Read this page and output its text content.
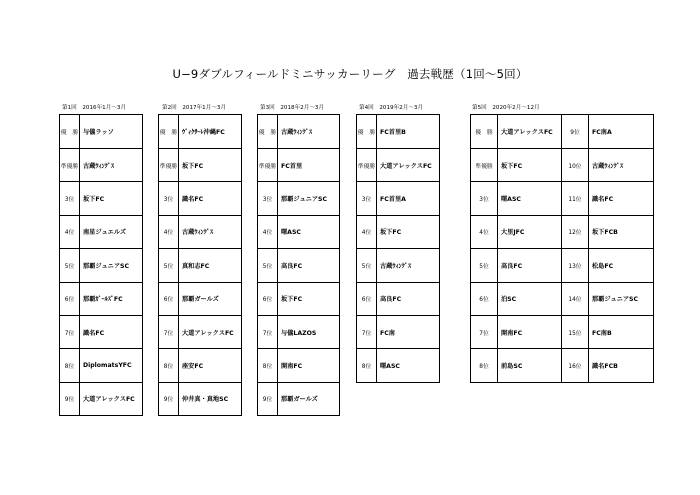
U−9ダブルフィールドミニサッカーリーグ　過去戦歴（1回〜5回）
第1回　2016年1月〜3月	第2回　2017年1月〜3月	第3回　2018年2月〜3月	第4回　2019年2月〜3月	第5回　2020年2月〜12月
優　勝	与儀ラッソ
準優勝	古蔵ｳｨﾝｸﾞｽ
3位	坂下FC
4位	南星ジュエルズ
5位	那覇ジュニアSC
6位	那覇ｶﾞｰﾙｽﾞFC
7位	識名FC
8位	DiplomatsYFC
9位	大道アレックスFC
優　勝	ｳﾞｨｸｻｰﾚ沖縄FC
準優勝	坂下FC
3位	識名FC
4位	古蔵ｳｨﾝｸﾞｽ
5位	真和志FC
6位	那覇ガールズ
7位	大道アレックスFC
8位	座安FC
9位	仲井真・真地SC
優　勝	古蔵ｳｨﾝｸﾞｽ
準優勝	FC首里
3位	那覇ジュニアSC
4位	曙ASC
5位	高良FC
6位	坂下FC
7位	与儀LAZOS
8位	開南FC
9位	那覇ガールズ
優　勝	FC首里B
準優勝	大道アレックスFC
3位	FC首里A
4位	坂下FC
5位	古蔵ｳｨﾝｸﾞｽ
6位	高良FC
7位	FC南
8位	曙ASC
優　勝	大道アレックスFC	9位	FC南A
準優勝	坂下FC	10位	古蔵ｳｨﾝｸﾞｽ
3位	曙ASC	11位	識名FC
4位	大里JFC	12位	坂下FCB
5位	高良FC	13位	松島FC
6位	泊SC	14位	那覇ジュニアSC
7位	開南FC	15位	FC南B
8位	前島SC	16位	識名FCB
